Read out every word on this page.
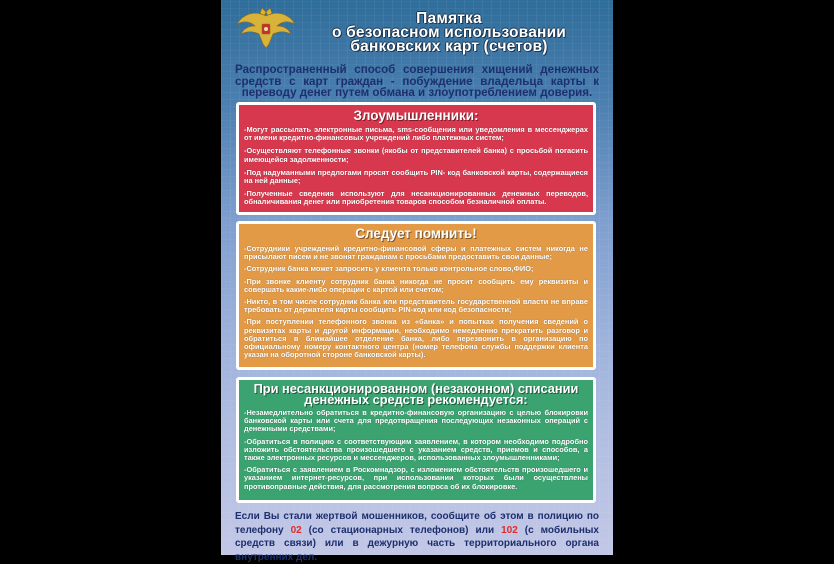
Памятка
о безопасном использовании
банковских карт (счетов)
Распространенный способ совершения хищений денежных средств с карт граждан - побуждение владельца карты к переводу денег путем обмана и злоупотреблением доверия.
Злоумышленники:
-Могут рассылать электронные письма, sms-сообщения или уведомления в мессенджерах от имени кредитно-финансовых учреждений либо платежных систем;
-Осуществляют телефонные звонки (якобы от представителей банка) с просьбой погасить имеющейся задолженности;
-Под надуманными предлогами просят сообщить PIN- код банковской карты, содержащиеся на ней данные;
-Полученные сведения используют для несанкционированных денежных переводов, обналичивания денег или приобретения товаров способом безналичной оплаты.
Следует помнить!
-Сотрудники учреждений кредитно-финансовой сферы и платежных систем никогда не присылают писем и не звонят гражданам с просьбами предоставить свои данные;
-Сотрудник банка может запросить у клиента только контрольное слово,ФИО;
-При звонке клиенту сотрудник банка никогда не просит сообщить ему реквизиты и совершать какие-либо операции с картой или счетом;
-Никто, в том числе сотрудник банка или представитель государственной власти не вправе требовать от держателя карты сообщить PIN-код или код безопасности;
-При поступлении телефонного звонка из «банка» и попытках получения сведений о реквизитах карты и другой информации, необходимо немедленно прекратить разговор и обратиться в ближайшее отделение банка, либо перезвонить в организацию по официальному номеру контактного центра (номер телефона службы поддержки клиента указан на оборотной стороне банковской карты).
При несанкционированном (незаконном) списании
денежных средств рекомендуется:
-Незамедлительно обратиться в кредитно-финансовую организацию с целью блокировки банковской карты или счета для предотвращения последующих незаконных операций с денежными средствами;
-Обратиться в полицию с соответствующим заявлением, в котором необходимо подробно изложить обстоятельства произошедшего с указанием средств, приемов и способов, а также электронных ресурсов и мессенджеров, использованных злоумышленниками;
-Обратиться с заявлением в Роскомнадзор, с изложением обстоятельств произошедшего и указанием интернет-ресурсов, при использовании которых были осуществлены противоправные действия, для рассмотрения вопроса об их блокировке.
Если Вы стали жертвой мошенников, сообщите об этом в полицию по телефону 02 (со стационарных телефонов) или 102 (с мобильных средств связи) или в дежурную часть территориального органа внутренних дел.
